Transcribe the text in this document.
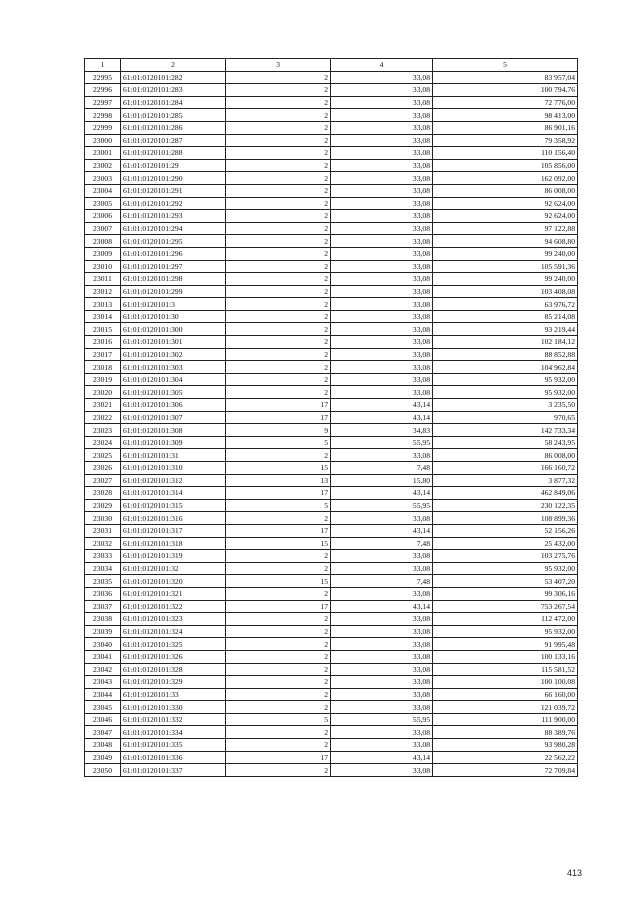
1	2	3	4	5
22995	61:01:0120101:282	2	33,08	83 957,04
22996	61:01:0120101:283	2	33,08	100 794,76
22997	61:01:0120101:284	2	33,08	72 776,00
22998	61:01:0120101:285	2	33,08	98 413,00
22999	61:01:0120101:286	2	33,08	86 901,16
23000	61:01:0120101:287	2	33,08	79 358,92
23001	61:01:0120101:288	2	33,08	110 156,40
23002	61:01:0120101:29	2	33,08	105 856,00
23003	61:01:0120101:290	2	33,08	162 092,00
23004	61:01:0120101:291	2	33,08	86 008,00
23005	61:01:0120101:292	2	33,08	92 624,00
23006	61:01:0120101:293	2	33,08	92 624,00
23007	61:01:0120101:294	2	33,08	97 122,88
23008	61:01:0120101:295	2	33,08	94 608,80
23009	61:01:0120101:296	2	33,08	99 240,00
23010	61:01:0120101:297	2	33,08	105 591,36
23011	61:01:0120101:298	2	33,08	99 240,00
23012	61:01:0120101:299	2	33,08	103 408,08
23013	61:01:0120101:3	2	33,08	63 976,72
23014	61:01:0120101:30	2	33,08	85 214,08
23015	61:01:0120101:300	2	33,08	93 219,44
23016	61:01:0120101:301	2	33,08	102 184,12
23017	61:01:0120101:302	2	33,08	88 852,88
23018	61:01:0120101:303	2	33,08	104 962,84
23019	61:01:0120101:304	2	33,08	95 932,00
23020	61:01:0120101:305	2	33,08	95 932,00
23021	61:01:0120101:306	17	43,14	3 235,50
23022	61:01:0120101:307	17	43,14	970,65
23023	61:01:0120101:308	9	34,83	142 733,34
23024	61:01:0120101:309	5	55,95	58 243,95
23025	61:01:0120101:31	2	33,08	86 008,00
23026	61:01:0120101:310	15	7,48	166 160,72
23027	61:01:0120101:312	13	15,80	3 877,32
23028	61:01:0120101:314	17	43,14	462 849,06
23029	61:01:0120101:315	5	55,95	230 122,35
23030	61:01:0120101:316	2	33,08	108 899,36
23031	61:01:0120101:317	17	43,14	52 156,26
23032	61:01:0120101:318	15	7,48	25 432,00
23033	61:01:0120101:319	2	33,08	103 275,76
23034	61:01:0120101:32	2	33,08	95 932,00
23035	61:01:0120101:320	15	7,48	53 407,20
23036	61:01:0120101:321	2	33,08	99 306,16
23037	61:01:0120101:322	17	43,14	753 267,54
23038	61:01:0120101:323	2	33,08	112 472,00
23039	61:01:0120101:324	2	33,08	95 932,00
23040	61:01:0120101:325	2	33,08	91 995,48
23041	61:01:0120101:326	2	33,08	100 133,16
23042	61:01:0120101:328	2	33,08	115 581,52
23043	61:01:0120101:329	2	33,08	100 100,08
23044	61:01:0120101:33	2	33,08	66 160,00
23045	61:01:0120101:330	2	33,08	121 039,72
23046	61:01:0120101:332	5	55,95	111 900,00
23047	61:01:0120101:334	2	33,08	88 389,76
23048	61:01:0120101:335	2	33,08	93 980,28
23049	61:01:0120101:336	17	43,14	22 562,22
23050	61:01:0120101:337	2	33,08	72 709,84
413
